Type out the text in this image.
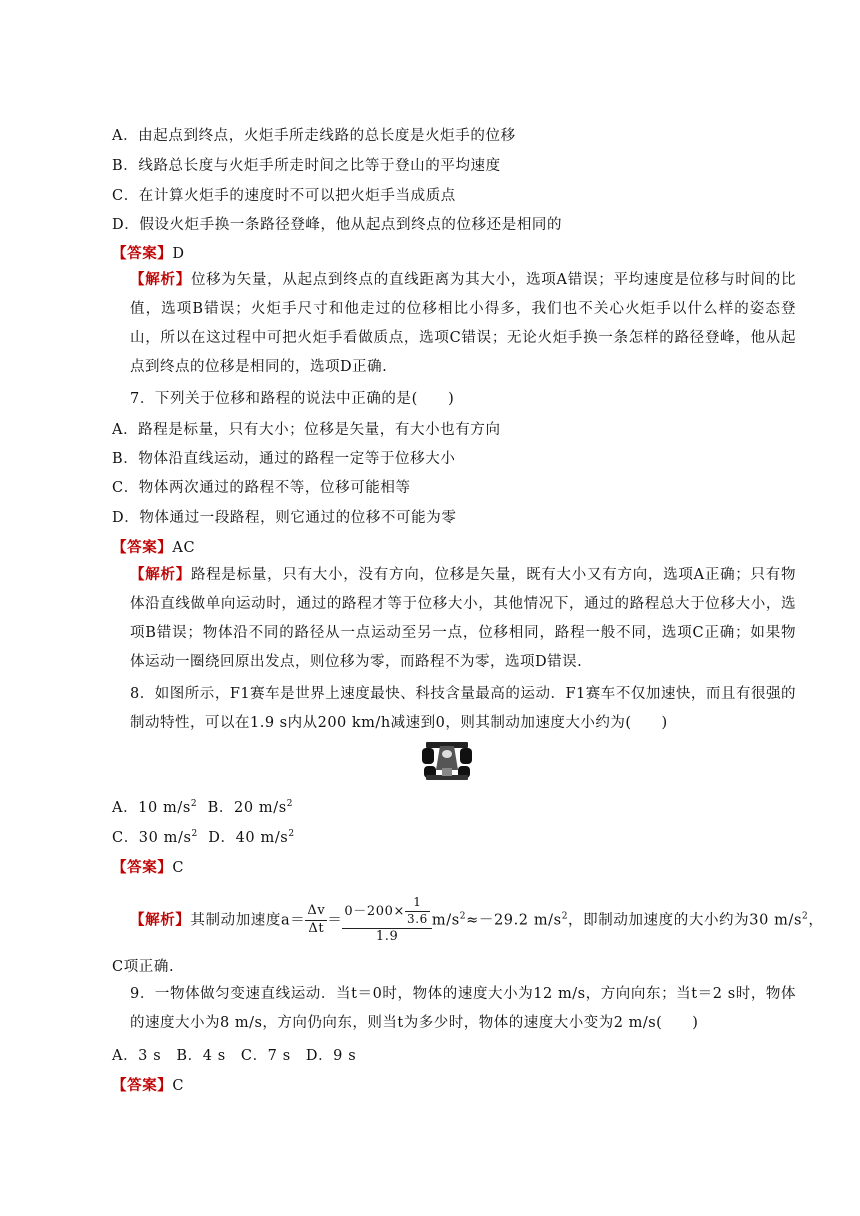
A．由起点到终点，火炬手所走线路的总长度是火炬手的位移
B．线路总长度与火炬手所走时间之比等于登山的平均速度
C．在计算火炬手的速度时不可以把火炬手当成质点
D．假设火炬手换一条路径登峰，他从起点到终点的位移还是相同的
【答案】D
【解析】位移为矢量，从起点到终点的直线距离为其大小，选项A错误；平均速度是位移与时间的比值，选项B错误；火炬手尺寸和他走过的位移相比小得多，我们也不关心火炬手以什么样的姿态登山，所以在这过程中可把火炬手看做质点，选项C错误；无论火炬手换一条怎样的路径登峰，他从起点到终点的位移是相同的，选项D正确.
7．下列关于位移和路程的说法中正确的是(　　)
A．路程是标量，只有大小；位移是矢量，有大小也有方向
B．物体沿直线运动，通过的路程一定等于位移大小
C．物体两次通过的路程不等，位移可能相等
D．物体通过一段路程，则它通过的位移不可能为零
【答案】AC
【解析】路程是标量，只有大小，没有方向，位移是矢量，既有大小又有方向，选项A正确；只有物体沿直线做单向运动时，通过的路程才等于位移大小，其他情况下，通过的路程总大于位移大小，选项B错误；物体沿不同的路径从一点运动至另一点，位移相同，路程一般不同，选项C正确；如果物体运动一圈绕回原出发点，则位移为零，而路程不为零，选项D错误.
8．如图所示，F1赛车是世界上速度最快、科技含量最高的运动．F1赛车不仅加速快，而且有很强的制动特性，可以在1.9 s内从200 km/h减速到0，则其制动加速度大小约为(　　)
A．10 $m/s^2$ B．20 $m/s^2$
C．30 $m/s^2$ D．40 $m/s^2$
【答案】C
【解析】其制动加速度$a= \frac{\Delta v}{\Delta t} = \frac{0-200\times \frac{1}{3.6}}{1.9} m/s^2\approx-29.2$ $m/s^2$，即制动加速度的大小约为30 $m/s^2$，
C项正确.
9．一物体做匀变速直线运动．当t＝0时，物体的速度大小为12 m/s，方向向东；当t＝2 s时，物体的速度大小为8 m/s，方向仍向东，则当t为多少时，物体的速度大小变为2 m/s(　　)
A．3 s　B．4 s　C．7 s　D．9 s
【答案】C
